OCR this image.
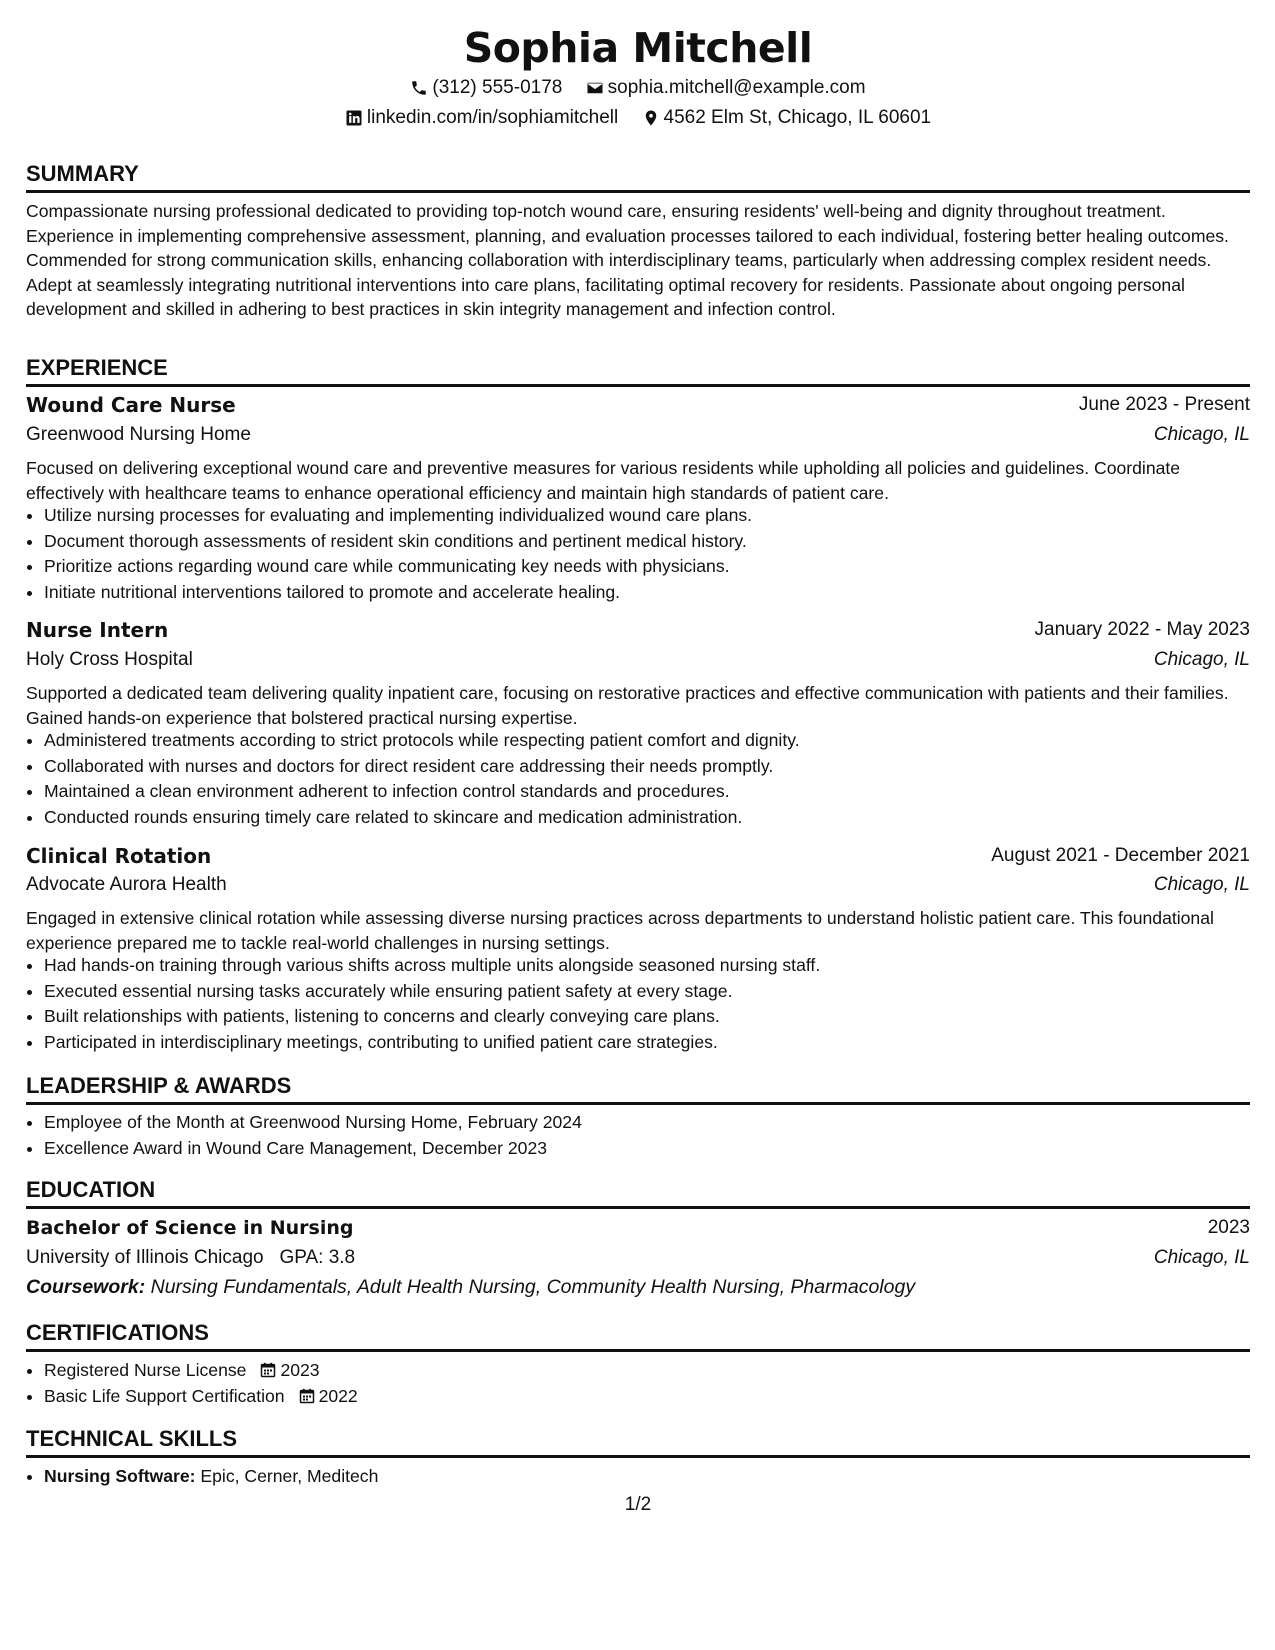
Sophia Mitchell
(312) 555-0178
sophia.mitchell@example.com
linkedin.com/in/sophiamitchell
4562 Elm St, Chicago, IL 60601
SUMMARY
Compassionate nursing professional dedicated to providing top-notch wound care, ensuring residents' well-being and dignity throughout treatment. Experience in implementing comprehensive assessment, planning, and evaluation processes tailored to each individual, fostering better healing outcomes. Commended for strong communication skills, enhancing collaboration with interdisciplinary teams, particularly when addressing complex resident needs. Adept at seamlessly integrating nutritional interventions into care plans, facilitating optimal recovery for residents. Passionate about ongoing personal development and skilled in adhering to best practices in skin integrity management and infection control.
EXPERIENCE
Wound Care Nurse	June 2023 - Present
Greenwood Nursing Home	Chicago, IL
Focused on delivering exceptional wound care and preventive measures for various residents while upholding all policies and guidelines. Coordinate effectively with healthcare teams to enhance operational efficiency and maintain high standards of patient care.
• Utilize nursing processes for evaluating and implementing individualized wound care plans.
• Document thorough assessments of resident skin conditions and pertinent medical history.
• Prioritize actions regarding wound care while communicating key needs with physicians.
• Initiate nutritional interventions tailored to promote and accelerate healing.
Nurse Intern	January 2022 - May 2023
Holy Cross Hospital	Chicago, IL
Supported a dedicated team delivering quality inpatient care, focusing on restorative practices and effective communication with patients and their families. Gained hands-on experience that bolstered practical nursing expertise.
• Administered treatments according to strict protocols while respecting patient comfort and dignity.
• Collaborated with nurses and doctors for direct resident care addressing their needs promptly.
• Maintained a clean environment adherent to infection control standards and procedures.
• Conducted rounds ensuring timely care related to skincare and medication administration.
Clinical Rotation	August 2021 - December 2021
Advocate Aurora Health	Chicago, IL
Engaged in extensive clinical rotation while assessing diverse nursing practices across departments to understand holistic patient care. This foundational experience prepared me to tackle real-world challenges in nursing settings.
• Had hands-on training through various shifts across multiple units alongside seasoned nursing staff.
• Executed essential nursing tasks accurately while ensuring patient safety at every stage.
• Built relationships with patients, listening to concerns and clearly conveying care plans.
• Participated in interdisciplinary meetings, contributing to unified patient care strategies.
LEADERSHIP & AWARDS
• Employee of the Month at Greenwood Nursing Home, February 2024
• Excellence Award in Wound Care Management, December 2023
EDUCATION
Bachelor of Science in Nursing	2023
University of Illinois Chicago GPA: 3.8	Chicago, IL
Coursework: Nursing Fundamentals, Adult Health Nursing, Community Health Nursing, Pharmacology
CERTIFICATIONS
• Registered Nurse License 2023
• Basic Life Support Certification 2022
TECHNICAL SKILLS
• Nursing Software: Epic, Cerner, Meditech
1/2
